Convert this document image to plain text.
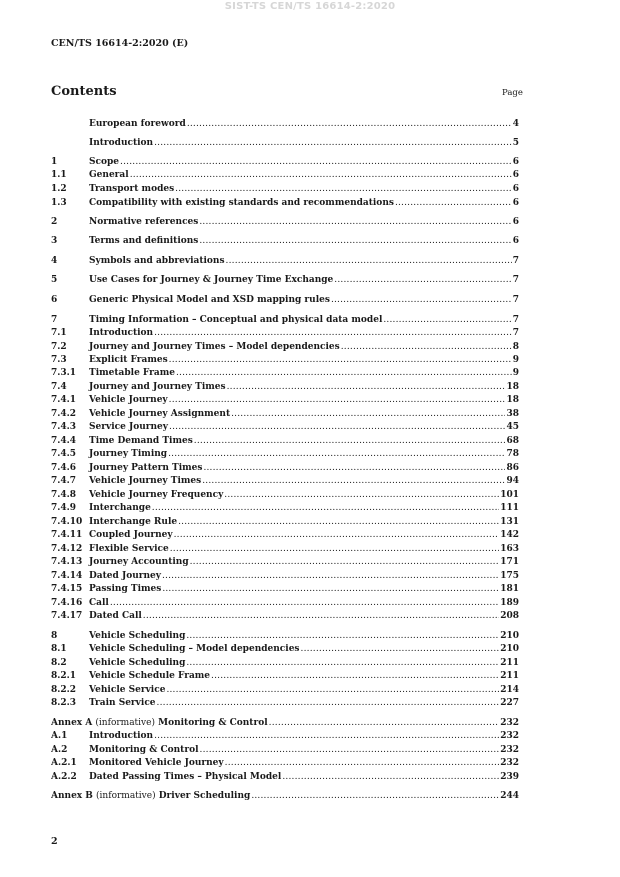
SIST-TS CEN/TS 16614-2:2020
CEN/TS 16614-2:2020 (E)
Contents	Page
European foreword .....	4
Introduction .....	5
1	Scope .....	6
1.1	General .....	6
1.2	Transport modes .....	6
1.3	Compatibility with existing standards and recommendations .....	6
2	Normative references .....	6
3	Terms and definitions .....	6
4	Symbols and abbreviations .....	7
5	Use Cases for Journey & Journey Time Exchange .....	7
6	Generic Physical Model and XSD mapping rules .....	7
7	Timing Information – Conceptual and physical data model .....	7
7.1	Introduction .....	7
7.2	Journey and Journey Times – Model dependencies .....	8
7.3	Explicit Frames .....	9
7.3.1	Timetable Frame .....	9
7.4	Journey and Journey Times .....	18
7.4.1	Vehicle Journey .....	18
7.4.2	Vehicle Journey Assignment .....	38
7.4.3	Service Journey .....	45
7.4.4	Time Demand Times .....	68
7.4.5	Journey Timing .....	78
7.4.6	Journey Pattern Times .....	86
7.4.7	Vehicle Journey Times .....	94
7.4.8	Vehicle Journey Frequency .....	101
7.4.9	Interchange .....	111
7.4.10 Interchange Rule .....	131
7.4.11 Coupled Journey .....	142
7.4.12 Flexible Service .....	163
7.4.13 Journey Accounting .....	171
7.4.14 Dated Journey .....	175
7.4.15 Passing Times .....	181
7.4.16 Call .....	189
7.4.17 Dated Call .....	208
8	Vehicle Scheduling .....	210
8.1	Vehicle Scheduling – Model dependencies .....	210
8.2	Vehicle Scheduling .....	211
8.2.1	Vehicle Schedule Frame .....	211
8.2.2	Vehicle Service .....	214
8.2.3	Train Service .....	227
Annex A (informative) Monitoring & Control .....	232
A.1	Introduction .....	232
A.2	Monitoring & Control .....	232
A.2.1	Monitored Vehicle Journey .....	232
A.2.2	Dated Passing Times – Physical Model .....	239
Annex B (informative) Driver Scheduling .....	244
2
